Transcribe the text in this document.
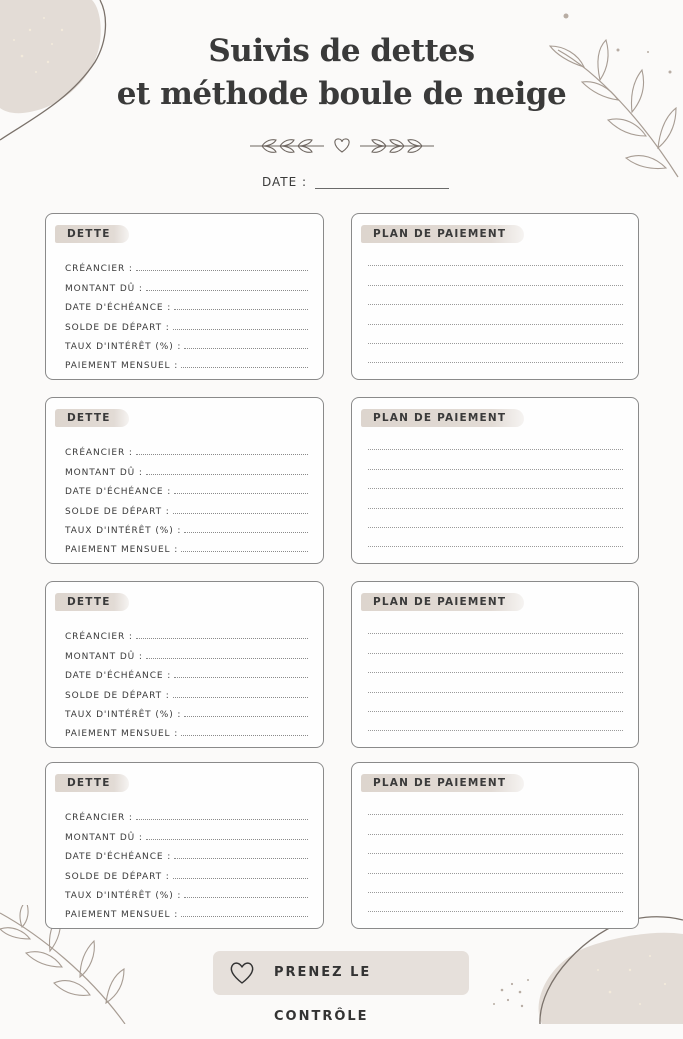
Suivis de dettes
et méthode boule de neige
DATE :
DETTE
CRÉANCIER :
MONTANT DÛ :
DATE D'ÉCHÉANCE :
SOLDE DE DÉPART :
TAUX D'INTÉRÊT (%) :
PAIEMENT MENSUEL :
PLAN DE PAIEMENT
DETTE
CRÉANCIER :
MONTANT DÛ :
DATE D'ÉCHÉANCE :
SOLDE DE DÉPART :
TAUX D'INTÉRÊT (%) :
PAIEMENT MENSUEL :
PLAN DE PAIEMENT
DETTE
CRÉANCIER :
MONTANT DÛ :
DATE D'ÉCHÉANCE :
SOLDE DE DÉPART :
TAUX D'INTÉRÊT (%) :
PAIEMENT MENSUEL :
PLAN DE PAIEMENT
DETTE
CRÉANCIER :
MONTANT DÛ :
DATE D'ÉCHÉANCE :
SOLDE DE DÉPART :
TAUX D'INTÉRÊT (%) :
PAIEMENT MENSUEL :
PLAN DE PAIEMENT
PRENEZ LE CONTRÔLE
